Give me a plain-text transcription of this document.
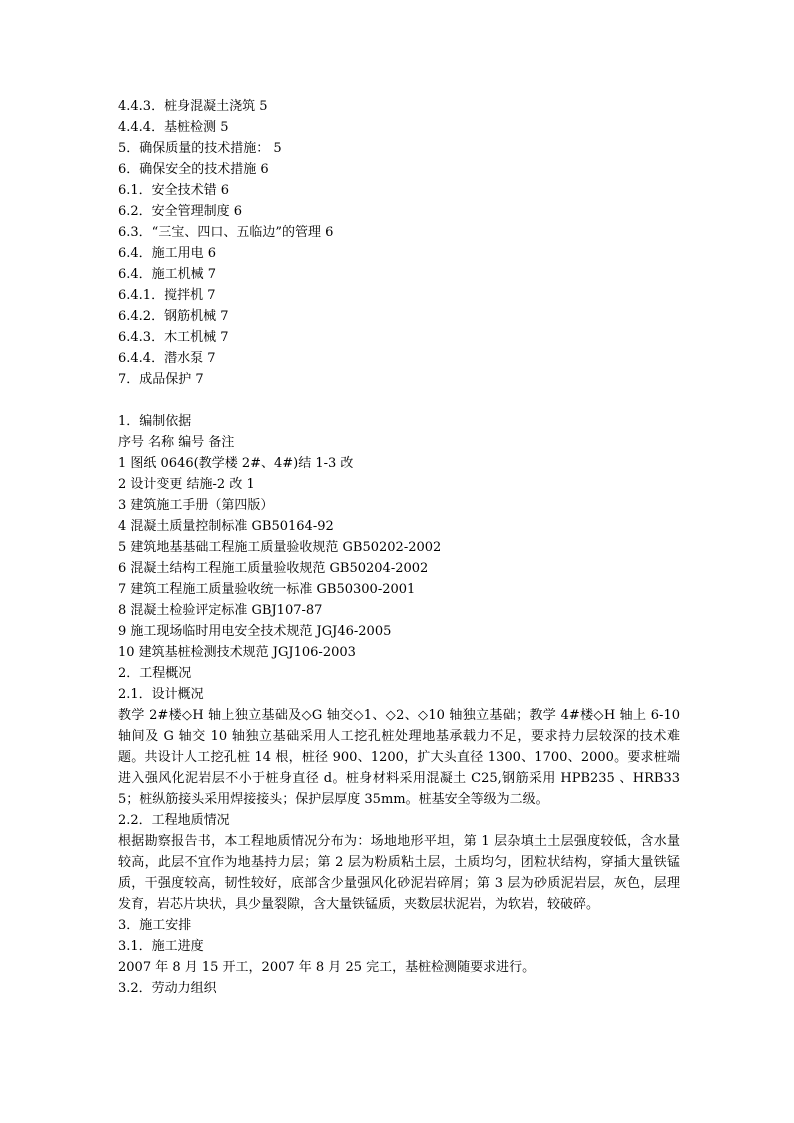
4.4.3．桩身混凝土浇筑 5
4.4.4．基桩检测 5
5．确保质量的技术措施： 5
6．确保安全的技术措施 6
6.1．安全技术错 6
6.2．安全管理制度 6
6.3．“三宝、四口、五临边”的管理 6
6.4．施工用电 6
6.4．施工机械 7
6.4.1．搅拌机 7
6.4.2．钢筋机械 7
6.4.3．木工机械 7
6.4.4．潜水泵 7
7．成品保护 7
1．编制依据
序号 名称 编号 备注
1 图纸 0646(教学楼 2#、4#)结 1-3 改
2 设计变更 结施-2 改 1
3 建筑施工手册（第四版）
4 混凝土质量控制标准 GB50164-92
5 建筑地基基础工程施工质量验收规范 GB50202-2002
6 混凝土结构工程施工质量验收规范 GB50204-2002
7 建筑工程施工质量验收统一标准 GB50300-2001
8 混凝土检验评定标准 GBJ107-87
9 施工现场临时用电安全技术规范 JGJ46-2005
10 建筑基桩检测技术规范 JGJ106-2003
2．工程概况
2.1．设计概况
教学 2#楼◇H 轴上独立基础及◇G 轴交◇1、◇2、◇10 轴独立基础；教学 4#楼◇H 轴上 6-10 轴间及 G 轴交 10 轴独立基础采用人工挖孔桩处理地基承载力不足，要求持力层较深的技术难题。共设计人工挖孔桩 14 根，桩径 900、1200，扩大头直径 1300、1700、2000。要求桩端进入强风化泥岩层不小于桩身直径 d。桩身材料采用混凝土 C25,钢筋采用 HPB235 、HRB335；桩纵筋接头采用焊接接头；保护层厚度 35mm。桩基安全等级为二级。
2.2．工程地质情况
根据勘察报告书，本工程地质情况分布为：场地地形平坦，第 1 层杂填土土层强度较低，含水量较高，此层不宜作为地基持力层；第 2 层为粉质粘土层，土质均匀，团粒状结构，穿插大量铁锰质，干强度较高，韧性较好，底部含少量强风化砂泥岩碎屑；第 3 层为砂质泥岩层，灰色，层理发育，岩芯片块状，具少量裂隙，含大量铁锰质，夹数层状泥岩，为软岩，较破碎。
3．施工安排
3.1．施工进度
2007 年 8 月 15 开工，2007 年 8 月 25 完工，基桩检测随要求进行。
3.2．劳动力组织
